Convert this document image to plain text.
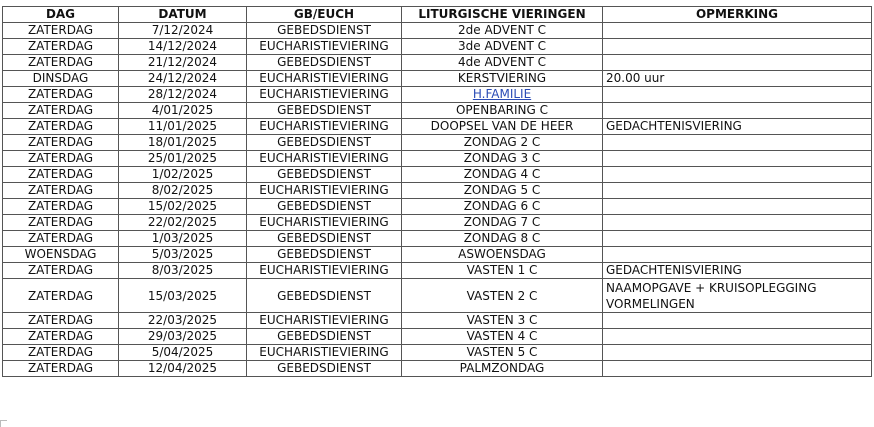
DAG	DATUM	GB/EUCH	LITURGISCHE VIERINGEN	OPMERKING
ZATERDAG	7/12/2024	GEBEDSDIENST	2de ADVENT C	
ZATERDAG	14/12/2024	EUCHARISTIEVIERING	3de ADVENT C	
ZATERDAG	21/12/2024	GEBEDSDIENST	4de ADVENT C	
DINSDAG	24/12/2024	EUCHARISTIEVIERING	KERSTVIERING	20.00 uur
ZATERDAG	28/12/2024	EUCHARISTIEVIERING	H.FAMILIE	
ZATERDAG	4/01/2025	GEBEDSDIENST	OPENBARING C	
ZATERDAG	11/01/2025	EUCHARISTIEVIERING	DOOPSEL VAN DE HEER	GEDACHTENISVIERING
ZATERDAG	18/01/2025	GEBEDSDIENST	ZONDAG 2 C	
ZATERDAG	25/01/2025	EUCHARISTIEVIERING	ZONDAG 3 C	
ZATERDAG	1/02/2025	GEBEDSDIENST	ZONDAG 4 C	
ZATERDAG	8/02/2025	EUCHARISTIEVIERING	ZONDAG 5 C	
ZATERDAG	15/02/2025	GEBEDSDIENST	ZONDAG 6 C	
ZATERDAG	22/02/2025	EUCHARISTIEVIERING	ZONDAG 7 C	
ZATERDAG	1/03/2025	GEBEDSDIENST	ZONDAG 8 C	
WOENSDAG	5/03/2025	GEBEDSDIENST	ASWOENSDAG	
ZATERDAG	8/03/2025	EUCHARISTIEVIERING	VASTEN 1 C	GEDACHTENISVIERING
ZATERDAG	15/03/2025	GEBEDSDIENST	VASTEN 2 C	NAAMOPGAVE + KRUISOPLEGGING VORMELINGEN
ZATERDAG	22/03/2025	EUCHARISTIEVIERING	VASTEN 3 C	
ZATERDAG	29/03/2025	GEBEDSDIENST	VASTEN 4 C	
ZATERDAG	5/04/2025	EUCHARISTIEVIERING	VASTEN 5 C	
ZATERDAG	12/04/2025	GEBEDSDIENST	PALMZONDAG	
